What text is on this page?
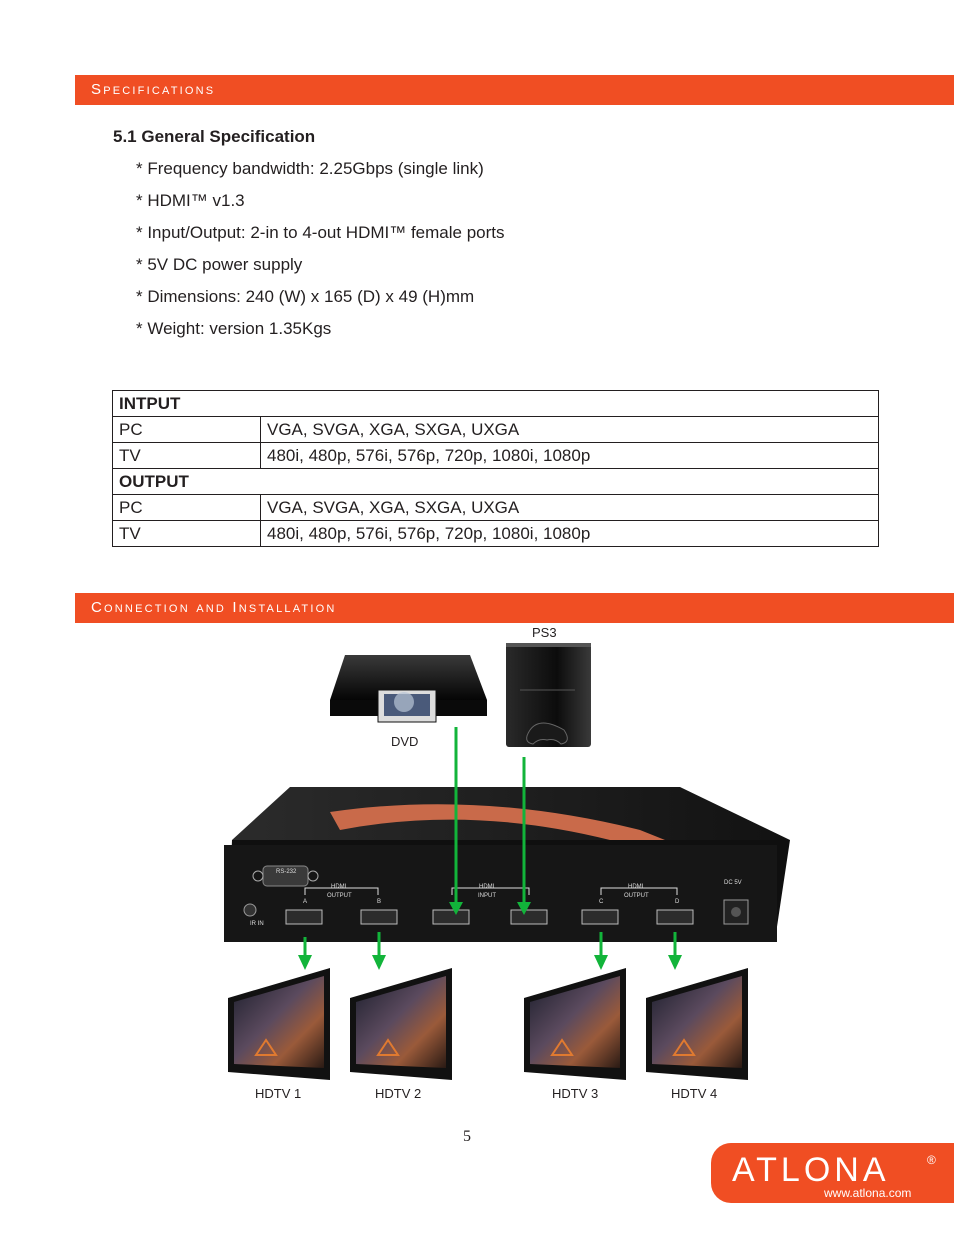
Specifications
5.1 General Specification
* Frequency bandwidth: 2.25Gbps (single link)
* HDMI™ v1.3
* Input/Output: 2-in to 4-out HDMI™ female ports
* 5V DC power supply
* Dimensions: 240 (W) x 165 (D) x 49 (H)mm
* Weight: version 1.35Kgs
INTPUT	
PC	VGA, SVGA, XGA, SXGA, UXGA
TV	480i, 480p, 576i, 576p, 720p, 1080i, 1080p
OUTPUT	
PC	VGA, SVGA, XGA, SXGA, UXGA
TV	480i, 480p, 576i, 576p, 720p, 1080i, 1080p
Connection and Installation
RS-232
IR IN
HDMI
OUTPUT
HDMI
INPUT
HDMI
OUTPUT
A	B	C	D
DC 5V
PS3
DVD
HDTV 1	HDTV 2	HDTV 3	HDTV 4
5
ATLONA	®
www.atlona.com
